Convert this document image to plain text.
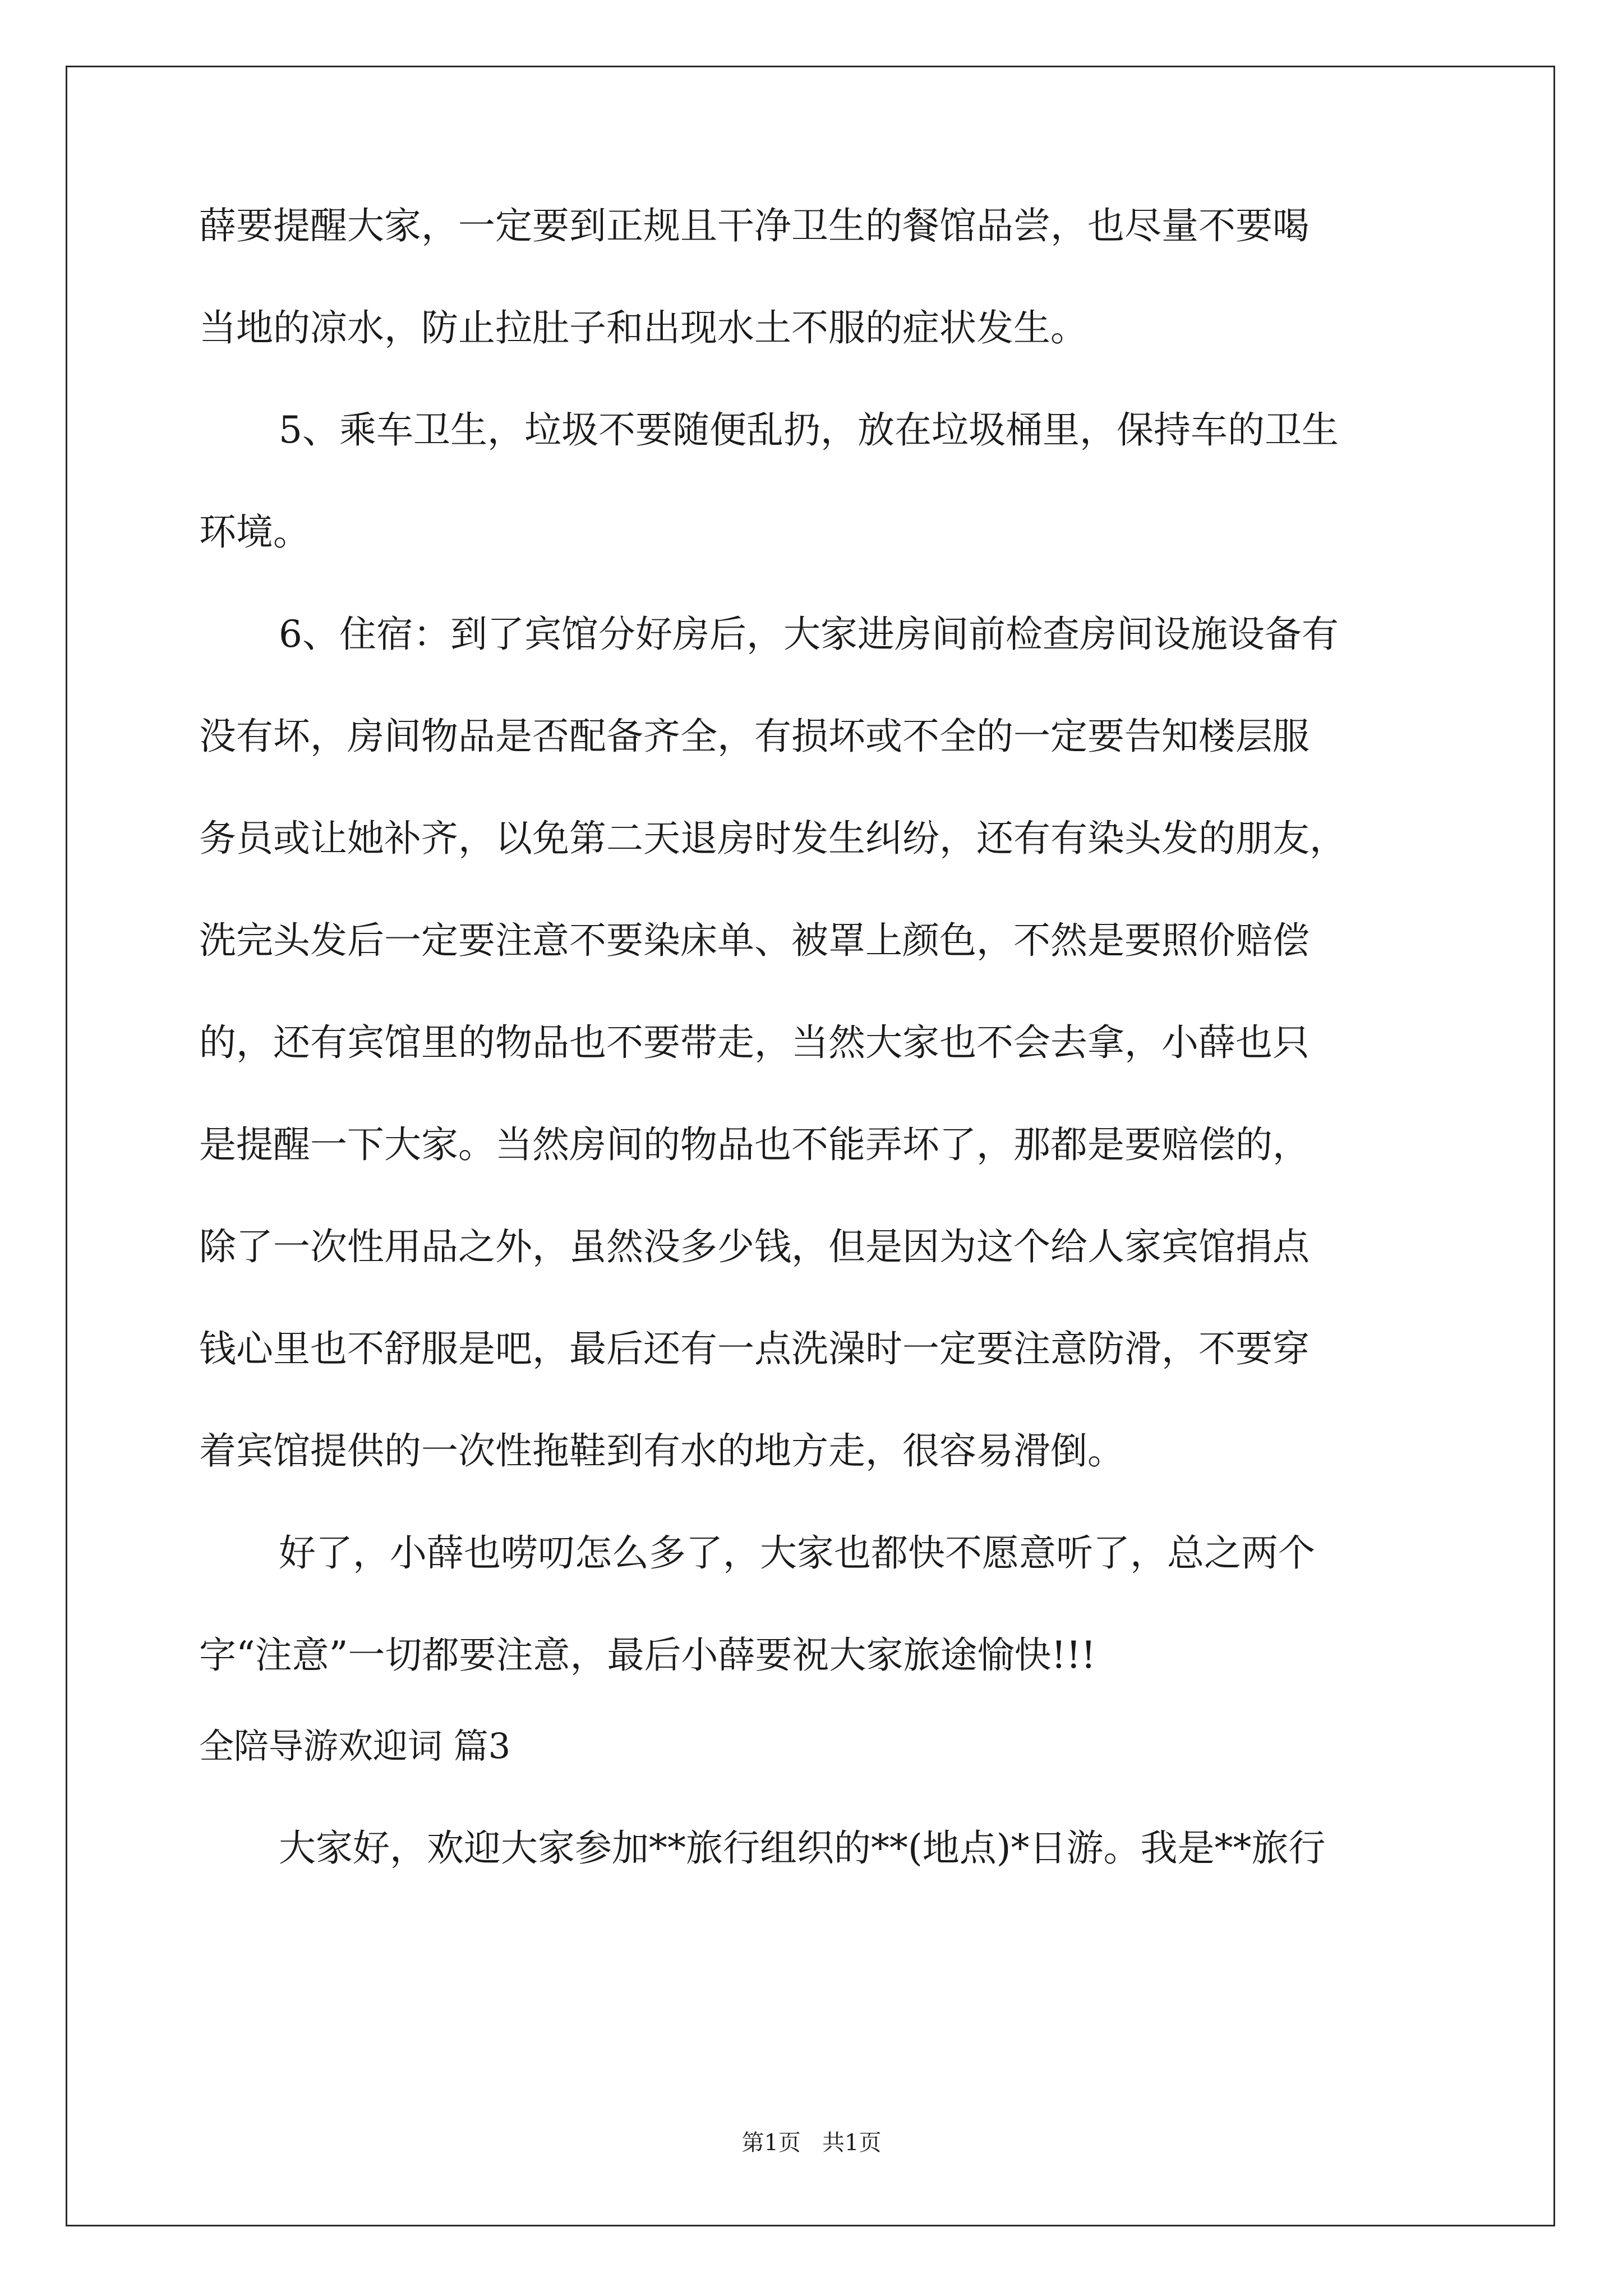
薛要提醒大家，一定要到正规且干净卫生的餐馆品尝，也尽量不要喝
当地的凉水，防止拉肚子和出现水土不服的症状发生。
5、乘车卫生，垃圾不要随便乱扔，放在垃圾桶里，保持车的卫生
环境。
6、住宿：到了宾馆分好房后，大家进房间前检查房间设施设备有
没有坏，房间物品是否配备齐全，有损坏或不全的一定要告知楼层服
务员或让她补齐，以免第二天退房时发生纠纷，还有有染头发的朋友，
洗完头发后一定要注意不要染床单、被罩上颜色，不然是要照价赔偿
的，还有宾馆里的物品也不要带走，当然大家也不会去拿，小薛也只
是提醒一下大家。当然房间的物品也不能弄坏了，那都是要赔偿的，
除了一次性用品之外，虽然没多少钱，但是因为这个给人家宾馆捐点
钱心里也不舒服是吧，最后还有一点洗澡时一定要注意防滑，不要穿
着宾馆提供的一次性拖鞋到有水的地方走，很容易滑倒。
好了，小薛也唠叨怎么多了，大家也都快不愿意听了，总之两个
字“注意”一切都要注意，最后小薛要祝大家旅途愉快!!!
全陪导游欢迎词 篇3
大家好，欢迎大家参加**旅行组织的**(地点)*日游。我是**旅行
第1页   共1页
